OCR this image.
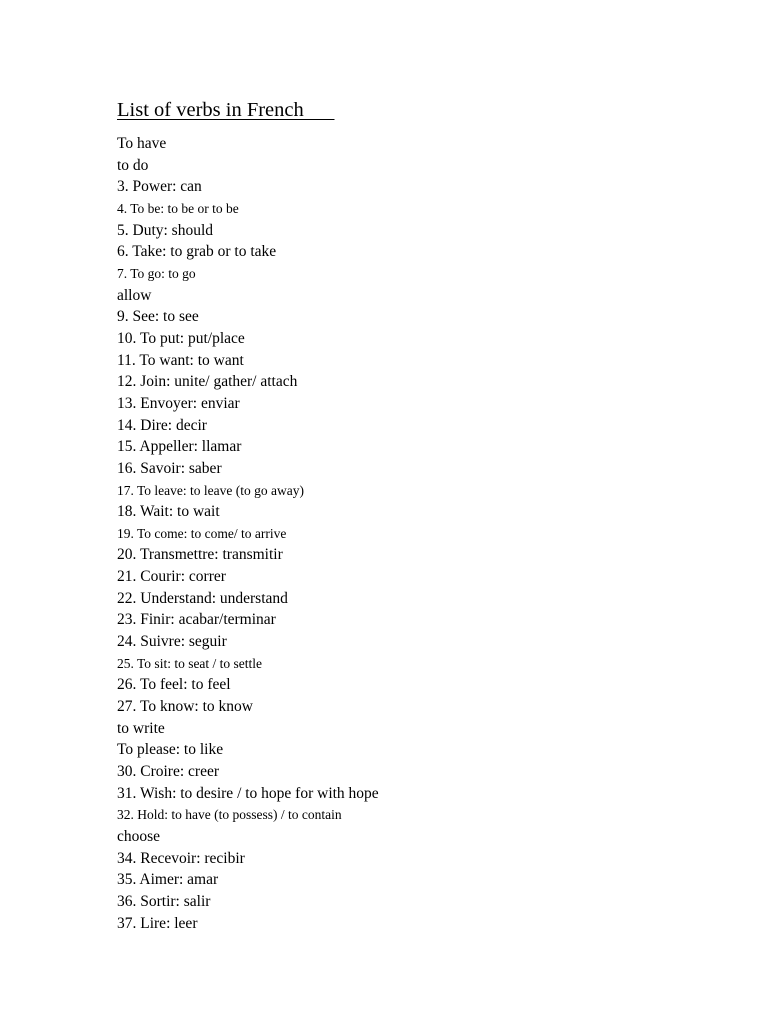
List of verbs in French
To have
to do
3. Power: can
4. To be: to be or to be
5. Duty: should
6. Take: to grab or to take
7. To go: to go
allow
9. See: to see
10. To put: put/place
11. To want: to want
12. Join: unite/ gather/ attach
13. Envoyer: enviar
14. Dire: decir
15. Appeller: llamar
16. Savoir: saber
17. To leave: to leave (to go away)
18. Wait: to wait
19. To come: to come/ to arrive
20. Transmettre: transmitir
21. Courir: correr
22. Understand: understand
23. Finir: acabar/terminar
24. Suivre: seguir
25. To sit: to seat / to settle
26. To feel: to feel
27. To know: to know
to write
To please: to like
30. Croire: creer
31. Wish: to desire / to hope for with hope
32. Hold: to have (to possess) / to contain
choose
34. Recevoir: recibir
35. Aimer: amar
36. Sortir: salir
37. Lire: leer
